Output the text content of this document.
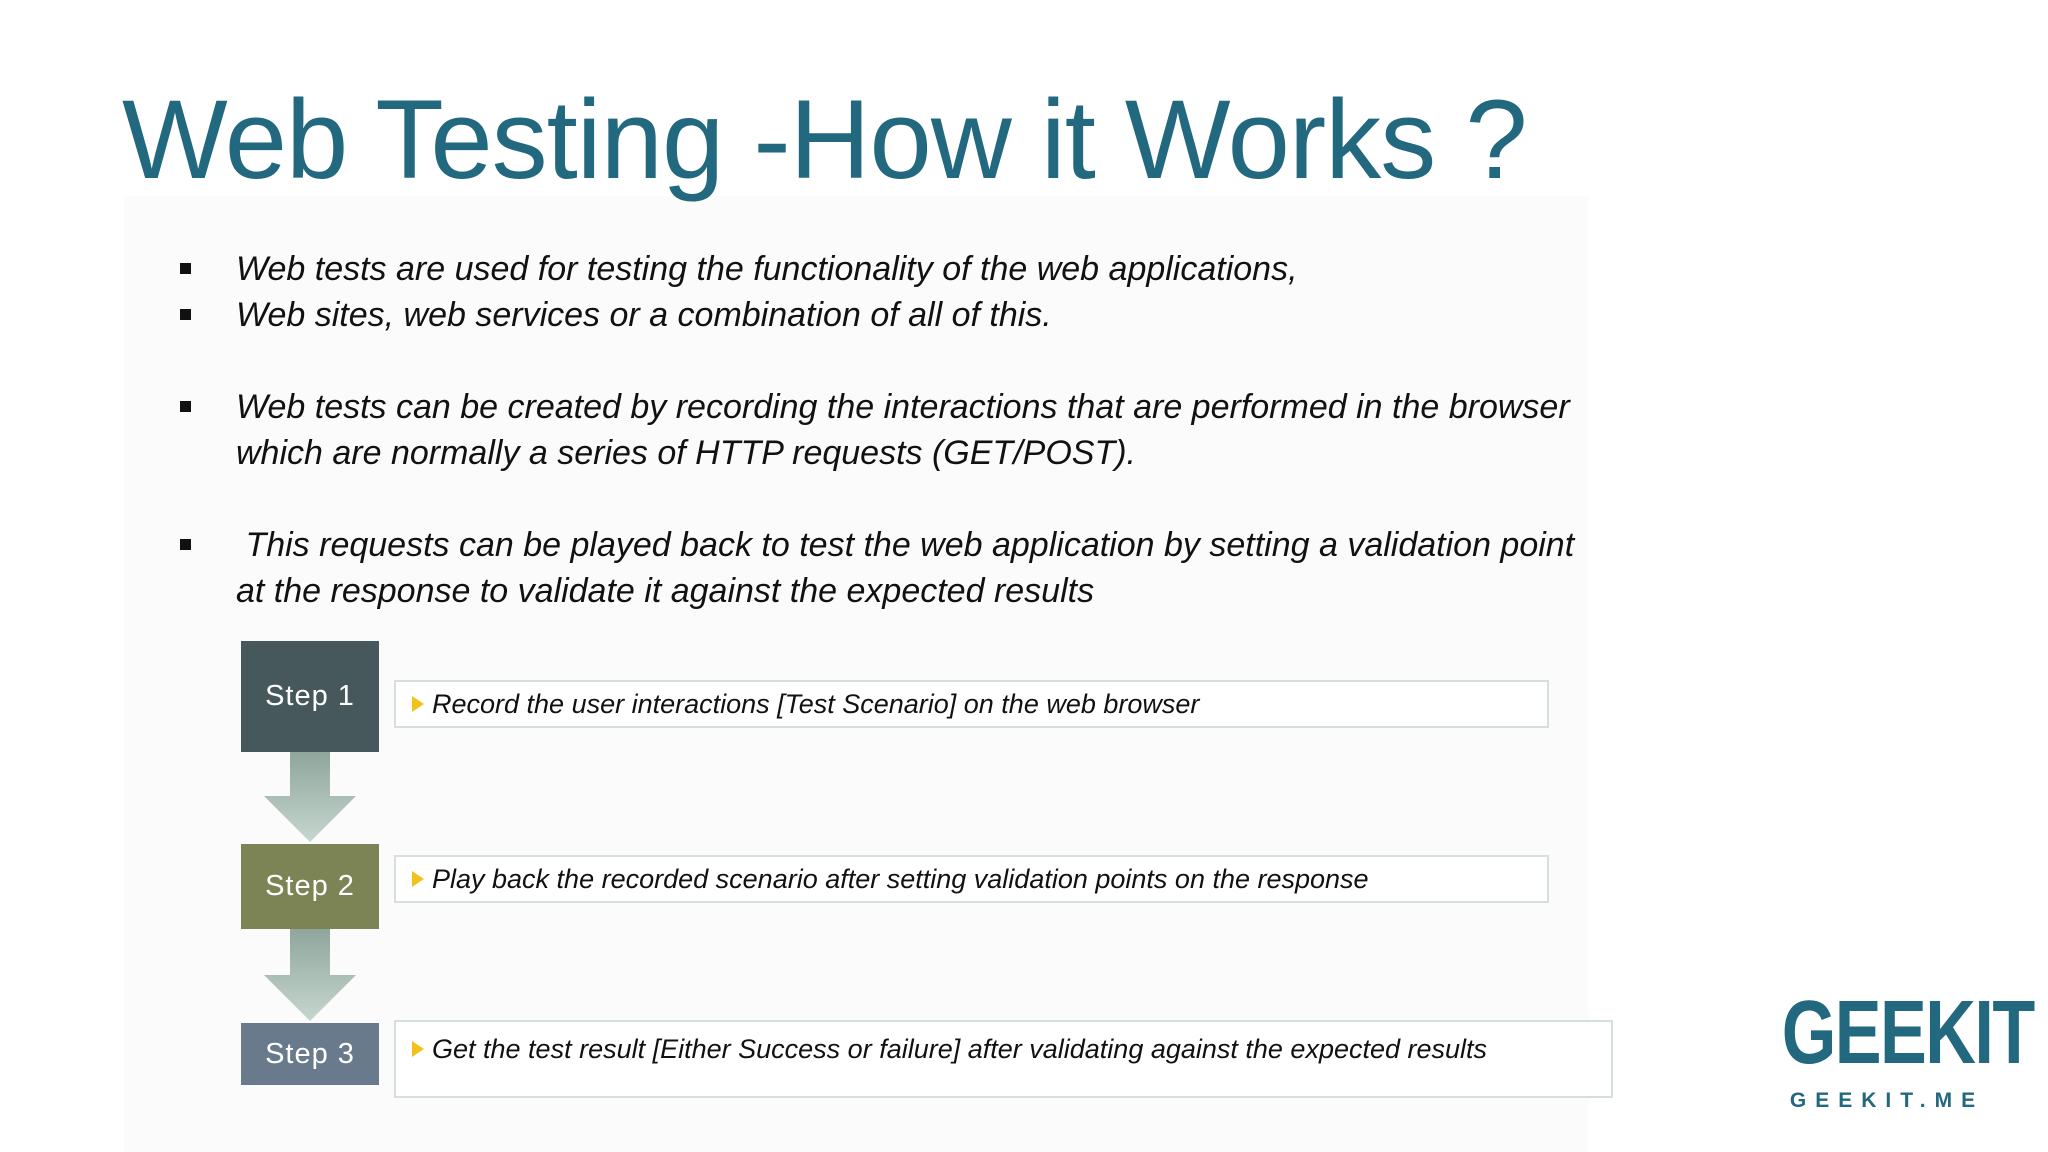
Web Testing -How it Works ?
Web tests are used for testing the functionality of the web applications,
Web sites, web services or a combination of all of this.
Web tests can be created by recording the interactions that are performed in the browser which are normally a series of HTTP requests (GET/POST).
This requests can be played back to test the web application by setting a validation point at the response to validate it against the expected results
Step 1
Step 2
Step 3
Record the user interactions [Test Scenario] on the web browser
Play back the recorded scenario after setting validation points on the response
Get the test result [Either Success or failure] after validating against the expected results	GEEKIT
GEEKIT.ME
